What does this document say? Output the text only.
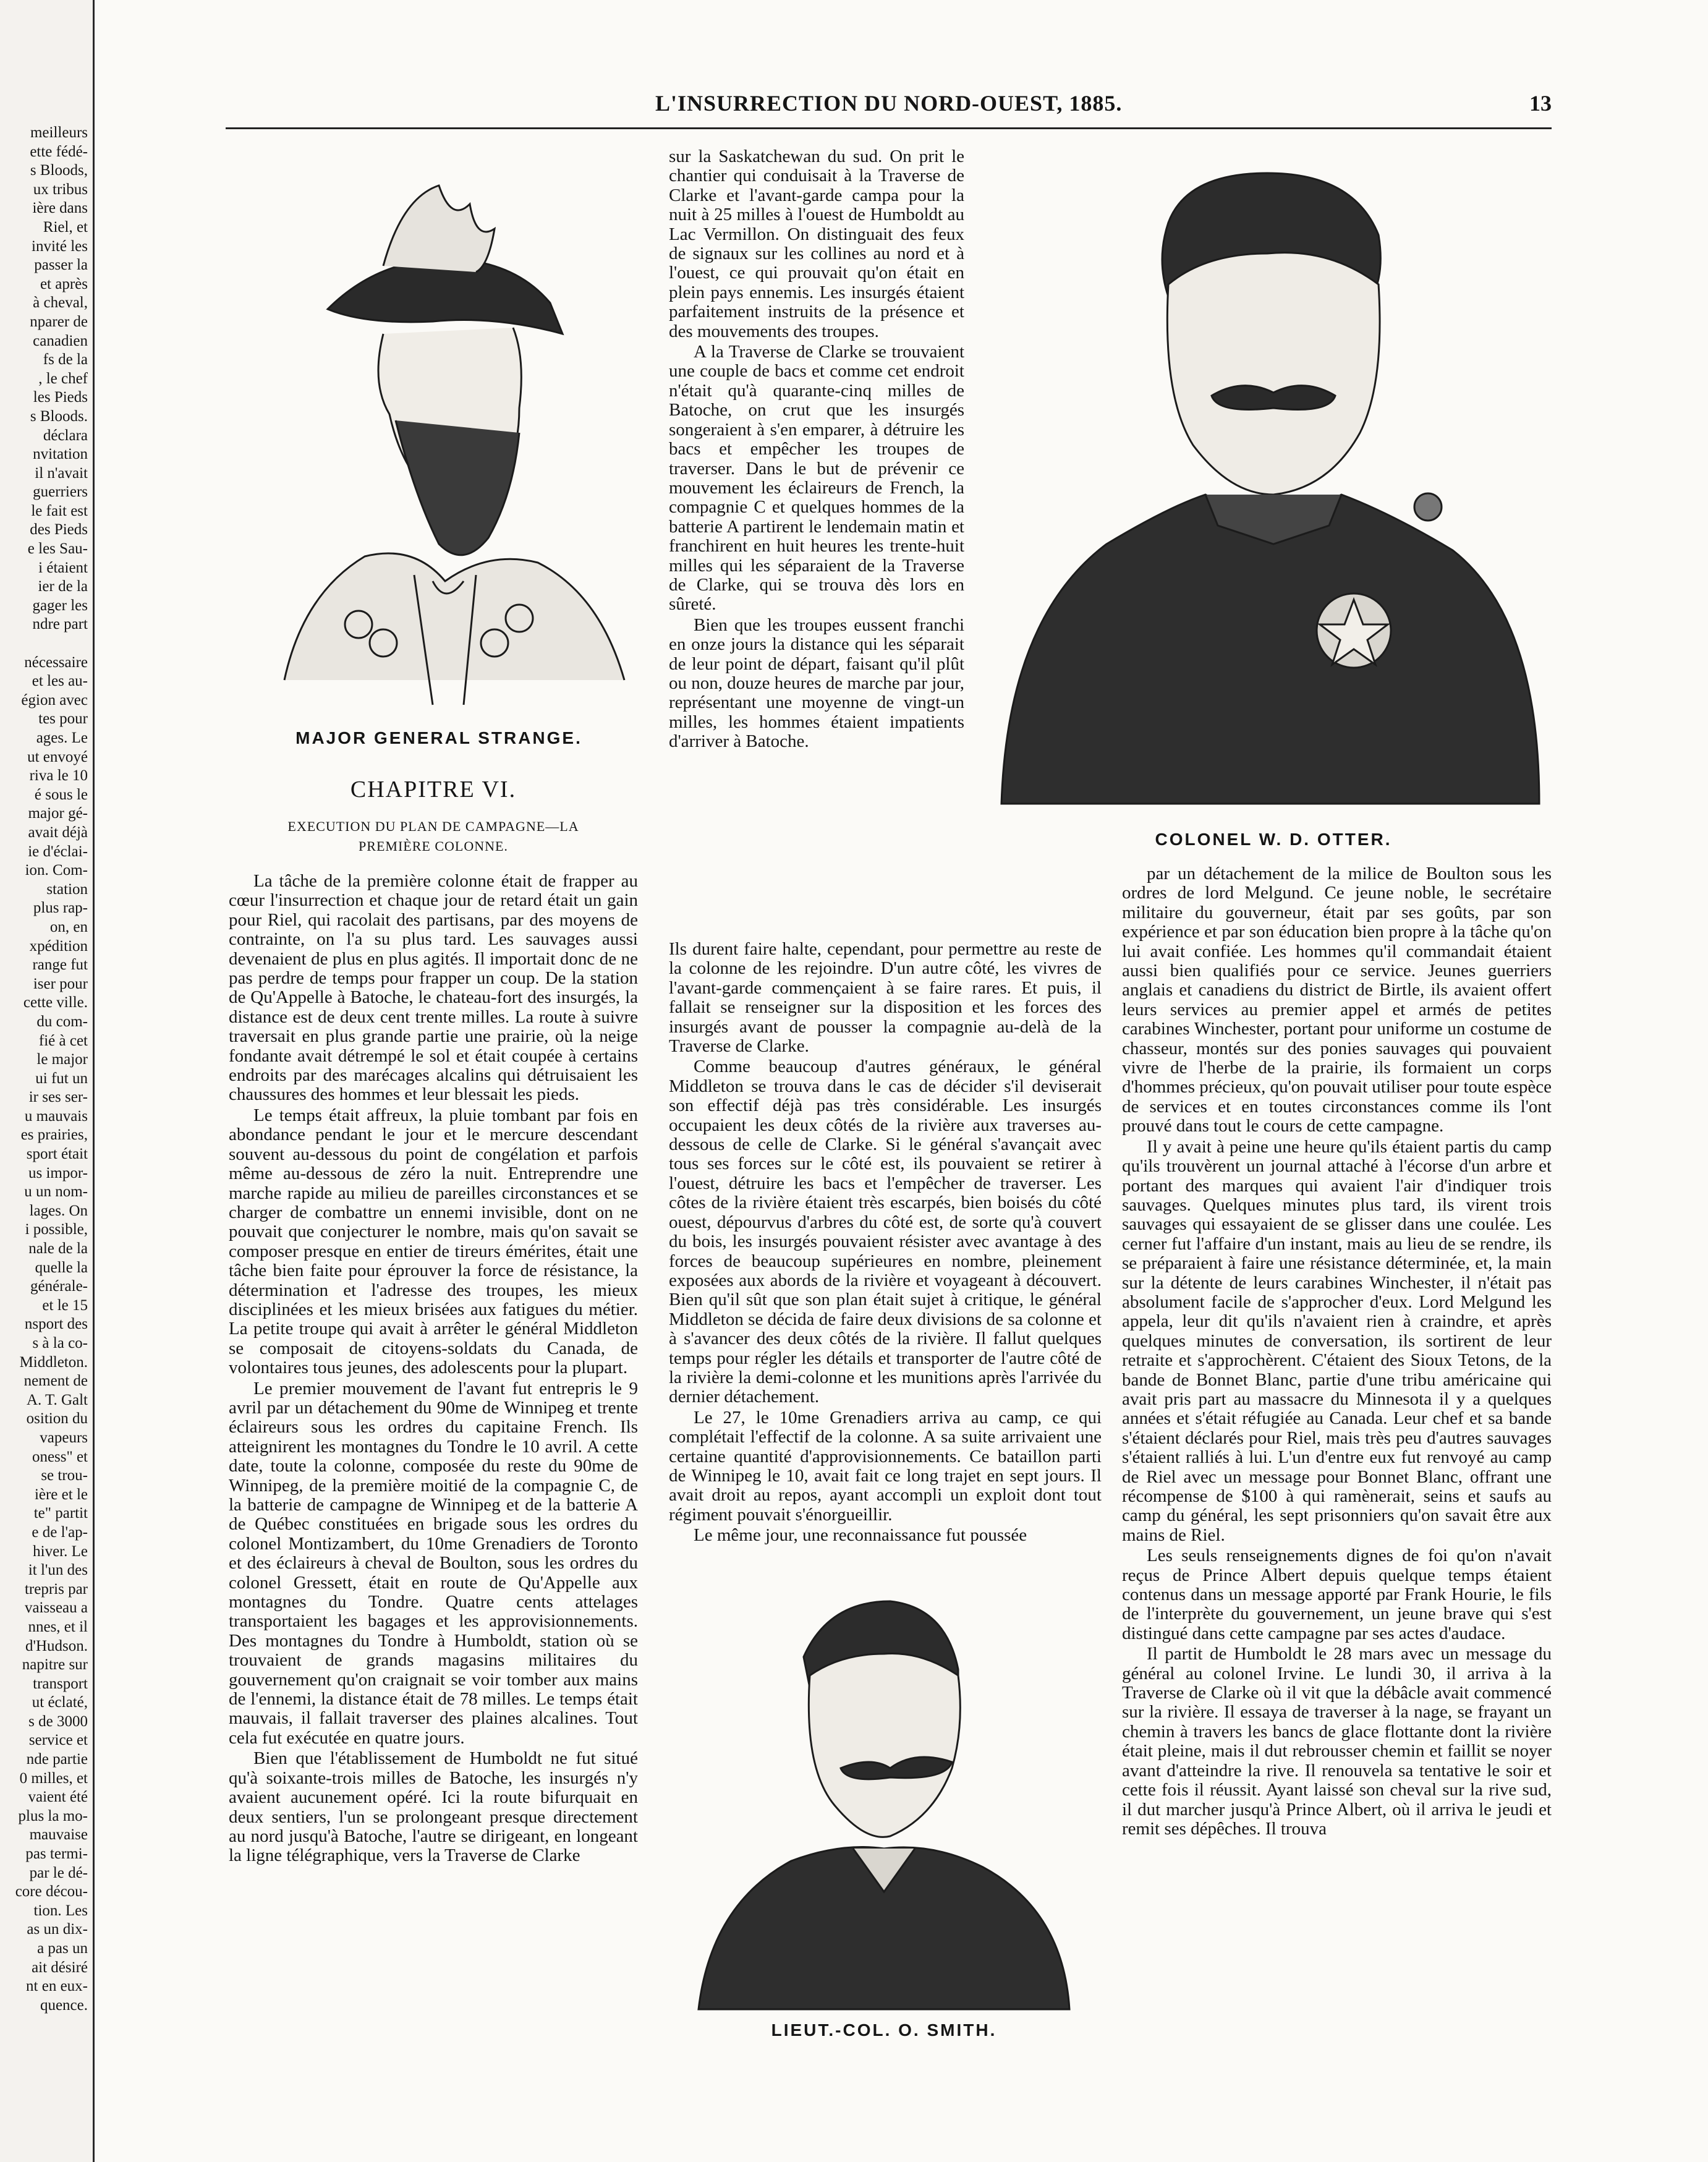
meilleurs
ette fédé-
s Bloods,
ux tribus
ière dans
Riel, et
invité les
passer la
et après
à cheval,
nparer de
canadien
fs de la
, le chef
les Pieds
s Bloods.
déclara
nvitation
il n'avait
guerriers
le fait est
des Pieds
e les Sau-
i étaient
ier de la
gager les
ndre part
nécessaire
et les au-
égion avec
tes pour
ages. Le
ut envoyé
riva le 10
é sous le
major gé-
avait déjà
ie d'éclai-
ion. Com-
station
plus rap-
on, en
xpédition
range fut
iser pour
cette ville.
du com-
fié à cet
le major
ui fut un
ir ses ser-
u mauvais
es prairies,
sport était
us impor-
u un nom-
lages. On
i possible,
nale de la
quelle la
générale-
et le 15
nsport des
s à la co-
Middleton.
nement de
A. T. Galt
osition du
vapeurs
oness" et
se trou-
ière et le
te" partit
e de l'ap-
hiver. Le
it l'un des
trepris par
vaisseau a
nnes, et il
d'Hudson.
napitre sur
transport
ut éclaté,
s de 3000
service et
nde partie
0 milles, et
vaient été
plus la mo-
mauvaise
pas termi-
par le dé-
core décou-
tion. Les
as un dix-
a pas un
ait désiré
nt en eux-
quence.
L'INSURRECTION DU NORD-OUEST, 1885.	13
MAJOR GENERAL STRANGE.
CHAPITRE VI.
EXECUTION DU PLAN DE CAMPAGNE—LA
PREMIÈRE COLONNE.

La tâche de la première colonne était de frapper au cœur l'insurrection et chaque jour de retard était un gain pour Riel, qui racolait des partisans, par des moyens de contrainte, on l'a su plus tard. Les sauvages aussi devenaient de plus en plus agités. Il importait donc de ne pas perdre de temps pour frapper un coup. De la station de Qu'Appelle à Batoche, le chateau-fort des insurgés, la distance est de deux cent trente milles. La route à suivre traversait en plus grande partie une prairie, où la neige fondante avait détrempé le sol et était coupée à certains endroits par des marécages alcalins qui détruisaient les chaussures des hommes et leur blessait les pieds.

Le temps était affreux, la pluie tombant par fois en abondance pendant le jour et le mercure descendant souvent au-dessous du point de congélation et parfois même au-dessous de zéro la nuit. Entreprendre une marche rapide au milieu de pareilles circonstances et se charger de combattre un ennemi invisible, dont on ne pouvait que conjecturer le nombre, mais qu'on savait se composer presque en entier de tireurs émérites, était une tâche bien faite pour éprouver la force de résistance, la détermination et l'adresse des troupes, les mieux disciplinées et les mieux brisées aux fatigues du métier. La petite troupe qui avait à arrêter le général Middleton se composait de citoyens-soldats du Canada, de volontaires tous jeunes, des adolescents pour la plupart.

Le premier mouvement de l'avant fut entrepris le 9 avril par un détachement du 90me de Winnipeg et trente éclaireurs sous les ordres du capitaine French. Ils atteignirent les montagnes du Tondre le 10 avril. A cette date, toute la colonne, composée du reste du 90me de Winnipeg, de la première moitié de la compagnie C, de la batterie de campagne de Winnipeg et de la batterie A de Québec constituées en brigade sous les ordres du colonel Montizambert, du 10me Grenadiers de Toronto et des éclaireurs à cheval de Boulton, sous les ordres du colonel Gressett, était en route de Qu'Appelle aux montagnes du Tondre. Quatre cents attelages transportaient les bagages et les approvisionnements. Des montagnes du Tondre à Humboldt, station où se trouvaient de grands magasins militaires du gouvernement qu'on craignait se voir tomber aux mains de l'ennemi, la distance était de 78 milles. Le temps était mauvais, il fallait traverser des plaines alcalines. Tout cela fut exécutée en quatre jours.

Bien que l'établissement de Humboldt ne fut situé qu'à soixante-trois milles de Batoche, les insurgés n'y avaient aucunement opéré. Ici la route bifurquait en deux sentiers, l'un se prolongeant presque directement au nord jusqu'à Batoche, l'autre se dirigeant, en longeant la ligne télégraphique, vers la Traverse de Clarke

sur la Saskatchewan du sud. On prit le chantier qui conduisait à la Traverse de Clarke et l'avant-garde campa pour la nuit à 25 milles à l'ouest de Humboldt au Lac Vermillon. On distinguait des feux de signaux sur les collines au nord et à l'ouest, ce qui prouvait qu'on était en plein pays ennemis. Les insurgés étaient parfaitement instruits de la présence et des mouvements des troupes.

A la Traverse de Clarke se trouvaient une couple de bacs et comme cet endroit n'était qu'à quarante-cinq milles de Batoche, on crut que les insurgés songeraient à s'en emparer, à détruire les bacs et empêcher les troupes de traverser. Dans le but de prévenir ce mouvement les éclaireurs de French, la compagnie C et quelques hommes de la batterie A partirent le lendemain matin et franchirent en huit heures les trente-huit milles qui les séparaient de la Traverse de Clarke, qui se trouva dès lors en sûreté.

Bien que les troupes eussent franchi en onze jours la distance qui les séparait de leur point de départ, faisant qu'il plût ou non, douze heures de marche par jour, représentant une moyenne de vingt-un milles, les hommes étaient impatients d'arriver à Batoche.

COLONEL W. D. OTTER.

Ils durent faire halte, cependant, pour permettre au reste de la colonne de les rejoindre. D'un autre côté, les vivres de l'avant-garde commençaient à se faire rares. Et puis, il fallait se renseigner sur la disposition et les forces des insurgés avant de pousser la compagnie au-delà de la Traverse de Clarke.

Comme beaucoup d'autres généraux, le général Middleton se trouva dans le cas de décider s'il deviserait son effectif déjà pas très considérable. Les insurgés occupaient les deux côtés de la rivière aux traverses au-dessous de celle de Clarke. Si le général s'avançait avec tous ses forces sur le côté est, ils pouvaient se retirer à l'ouest, détruire les bacs et l'empêcher de traverser. Les côtes de la rivière étaient très escarpés, bien boisés du côté ouest, dépourvus d'arbres du côté est, de sorte qu'à couvert du bois, les insurgés pouvaient résister avec avantage à des forces de beaucoup supérieures en nombre, pleinement exposées aux abords de la rivière et voyageant à découvert. Bien qu'il sût que son plan était sujet à critique, le général Middleton se décida de faire deux divisions de sa colonne et à s'avancer des deux côtés de la rivière. Il fallut quelques temps pour régler les détails et transporter de l'autre côté de la rivière la demi-colonne et les munitions après l'arrivée du dernier détachement.

Le 27, le 10me Grenadiers arriva au camp, ce qui complétait l'effectif de la colonne. A sa suite arrivaient une certaine quantité d'approvisionnements. Ce bataillon parti de Winnipeg le 10, avait fait ce long trajet en sept jours. Il avait droit au repos, ayant accompli un exploit dont tout régiment pouvait s'énorgueillir.

Le même jour, une reconnaissance fut poussée

LIEUT.-COL. O. SMITH.

par un détachement de la milice de Boulton sous les ordres de lord Melgund. Ce jeune noble, le secrétaire militaire du gouverneur, était par ses goûts, par son expérience et par son éducation bien propre à la tâche qu'on lui avait confiée. Les hommes qu'il commandait étaient aussi bien qualifiés pour ce service. Jeunes guerriers anglais et canadiens du district de Birtle, ils avaient offert leurs services au premier appel et armés de petites carabines Winchester, portant pour uniforme un costume de chasseur, montés sur des ponies sauvages qui pouvaient vivre de l'herbe de la prairie, ils formaient un corps d'hommes précieux, qu'on pouvait utiliser pour toute espèce de services et en toutes circonstances comme ils l'ont prouvé dans tout le cours de cette campagne.

Il y avait à peine une heure qu'ils étaient partis du camp qu'ils trouvèrent un journal attaché à l'écorse d'un arbre et portant des marques qui avaient l'air d'indiquer trois sauvages. Quelques minutes plus tard, ils virent trois sauvages qui essayaient de se glisser dans une coulée. Les cerner fut l'affaire d'un instant, mais au lieu de se rendre, ils se préparaient à faire une résistance déterminée, et, la main sur la détente de leurs carabines Winchester, il n'était pas absolument facile de s'approcher d'eux. Lord Melgund les appela, leur dit qu'ils n'avaient rien à craindre, et après quelques minutes de conversation, ils sortirent de leur retraite et s'approchèrent. C'étaient des Sioux Tetons, de la bande de Bonnet Blanc, partie d'une tribu américaine qui avait pris part au massacre du Minnesota il y a quelques années et s'était réfugiée au Canada. Leur chef et sa bande s'étaient déclarés pour Riel, mais très peu d'autres sauvages s'étaient ralliés à lui. L'un d'entre eux fut renvoyé au camp de Riel avec un message pour Bonnet Blanc, offrant une récompense de $100 à qui ramènerait, seins et saufs au camp du général, les sept prisonniers qu'on savait être aux mains de Riel.

Les seuls renseignements dignes de foi qu'on n'avait reçus de Prince Albert depuis quelque temps étaient contenus dans un message apporté par Frank Hourie, le fils de l'interprète du gouvernement, un jeune brave qui s'est distingué dans cette campagne par ses actes d'audace.

Il partit de Humboldt le 28 mars avec un message du général au colonel Irvine. Le lundi 30, il arriva à la Traverse de Clarke où il vit que la débâcle avait commencé sur la rivière. Il essaya de traverser à la nage, se frayant un chemin à travers les bancs de glace flottante dont la rivière était pleine, mais il dut rebrousser chemin et faillit se noyer avant d'atteindre la rive. Il renouvela sa tentative le soir et cette fois il réussit. Ayant laissé son cheval sur la rive sud, il dut marcher jusqu'à Prince Albert, où il arriva le jeudi et remit ses dépêches. Il trouva
